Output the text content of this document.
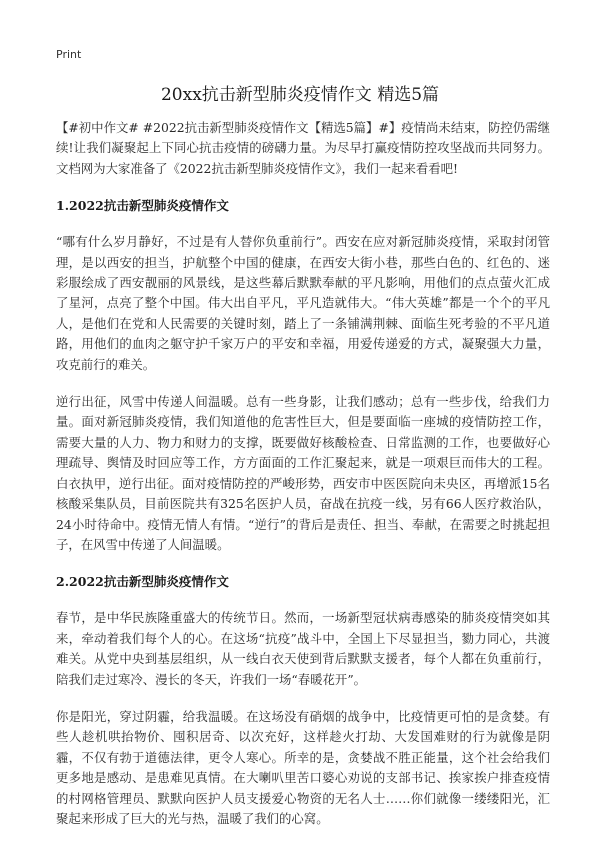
Print
20xx抗击新型肺炎疫情作文 精选5篇

【#初中作文# #2022抗击新型肺炎疫情作文【精选5篇】#】疫情尚未结束，防控仍需继续!让我们凝聚起上下同心抗击疫情的磅礴力量。为尽早打赢疫情防控攻坚战而共同努力。文档网为大家准备了《2022抗击新型肺炎疫情作文》，我们一起来看看吧!

1.2022抗击新型肺炎疫情作文

“哪有什么岁月静好，不过是有人替你负重前行”。西安在应对新冠肺炎疫情，采取封闭管理，是以西安的担当，护航整个中国的健康，在西安大街小巷，那些白色的、红色的、迷彩服绘成了西安靓丽的风景线，是这些幕后默默奉献的平凡影响，用他们的点点萤火汇成了星河，点亮了整个中国。伟大出自平凡，平凡造就伟大。“伟大英雄”都是一个个的平凡人，是他们在党和人民需要的关键时刻，踏上了一条铺满荆棘、面临生死考验的不平凡道路，用他们的血肉之躯守护千家万户的平安和幸福，用爱传递爱的方式，凝聚强大力量，攻克前行的难关。

逆行出征，风雪中传递人间温暖。总有一些身影，让我们感动；总有一些步伐，给我们力量。面对新冠肺炎疫情，我们知道他的危害性巨大，但是要面临一座城的疫情防控工作，需要大量的人力、物力和财力的支撑，既要做好核酸检查、日常监测的工作，也要做好心理疏导、舆情及时回应等工作，方方面面的工作汇聚起来，就是一项艰巨而伟大的工程。白衣执甲，逆行出征。面对疫情防控的严峻形势，西安市中医医院向未央区，再增派15名核酸采集队员，目前医院共有325名医护人员，奋战在抗疫一线，另有66人医疗救治队，24小时待命中。疫情无情人有情。“逆行”的背后是责任、担当、奉献，在需要之时挑起担子，在风雪中传递了人间温暖。

2.2022抗击新型肺炎疫情作文

春节，是中华民族隆重盛大的传统节日。然而，一场新型冠状病毒感染的肺炎疫情突如其来，牵动着我们每个人的心。在这场“抗疫”战斗中，全国上下尽显担当，勠力同心，共渡难关。从党中央到基层组织，从一线白衣天使到背后默默支援者，每个人都在负重前行，陪我们走过寒冷、漫长的冬天，许我们一场“春暖花开”。

你是阳光，穿过阴霾，给我温暖。在这场没有硝烟的战争中，比疫情更可怕的是贪婪。有些人趁机哄抬物价、囤积居奇、以次充好，这样趁火打劫、大发国难财的行为就像是阴霾，不仅有勃于道德法律，更令人寒心。所幸的是，贪婪战不胜正能量，这个社会给我们更多地是感动、是患难见真情。在大喇叭里苦口婆心劝说的支部书记、挨家挨户排查疫情的村网格管理员、默默向医护人员支援爱心物资的无名人士……你们就像一缕缕阳光，汇聚起来形成了巨大的光与热，温暖了我们的心窝。
